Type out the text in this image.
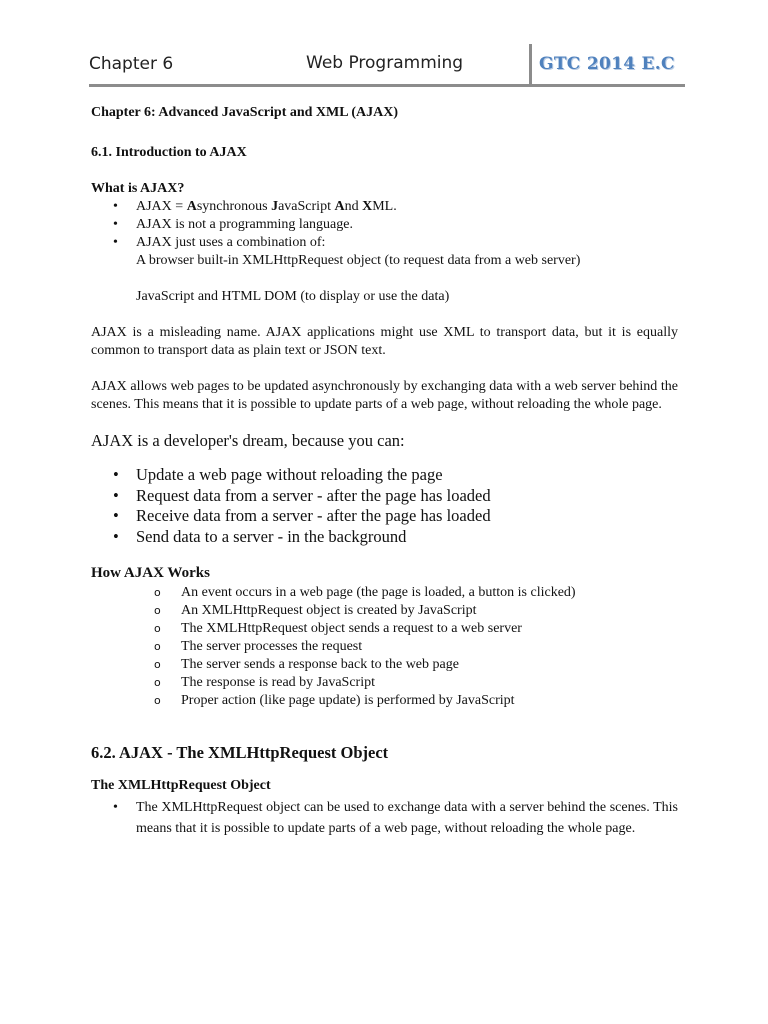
Chapter 6	Web Programming	GTC 2014 E.C

Chapter 6: Advanced JavaScript and XML (AJAX)

6.1. Introduction to AJAX

What is AJAX?

• AJAX = Asynchronous JavaScript And XML.
• AJAX is not a programming language.
• AJAX just uses a combination of:
A browser built-in XMLHttpRequest object (to request data from a web server)
JavaScript and HTML DOM (to display or use the data)

AJAX is a misleading name. AJAX applications might use XML to transport data, but it is equally common to transport data as plain text or JSON text.

AJAX allows web pages to be updated asynchronously by exchanging data with a web server behind the scenes. This means that it is possible to update parts of a web page, without reloading the whole page.

AJAX is a developer's dream, because you can:

• Update a web page without reloading the page
• Request data from a server - after the page has loaded
• Receive data from a server - after the page has loaded
• Send data to a server - in the background

How AJAX Works

o An event occurs in a web page (the page is loaded, a button is clicked)
o An XMLHttpRequest object is created by JavaScript
o The XMLHttpRequest object sends a request to a web server
o The server processes the request
o The server sends a response back to the web page
o The response is read by JavaScript
o Proper action (like page update) is performed by JavaScript

6.2. AJAX - The XMLHttpRequest Object

The XMLHttpRequest Object

• The XMLHttpRequest object can be used to exchange data with a server behind the scenes. This means that it is possible to update parts of a web page, without reloading the whole page.
